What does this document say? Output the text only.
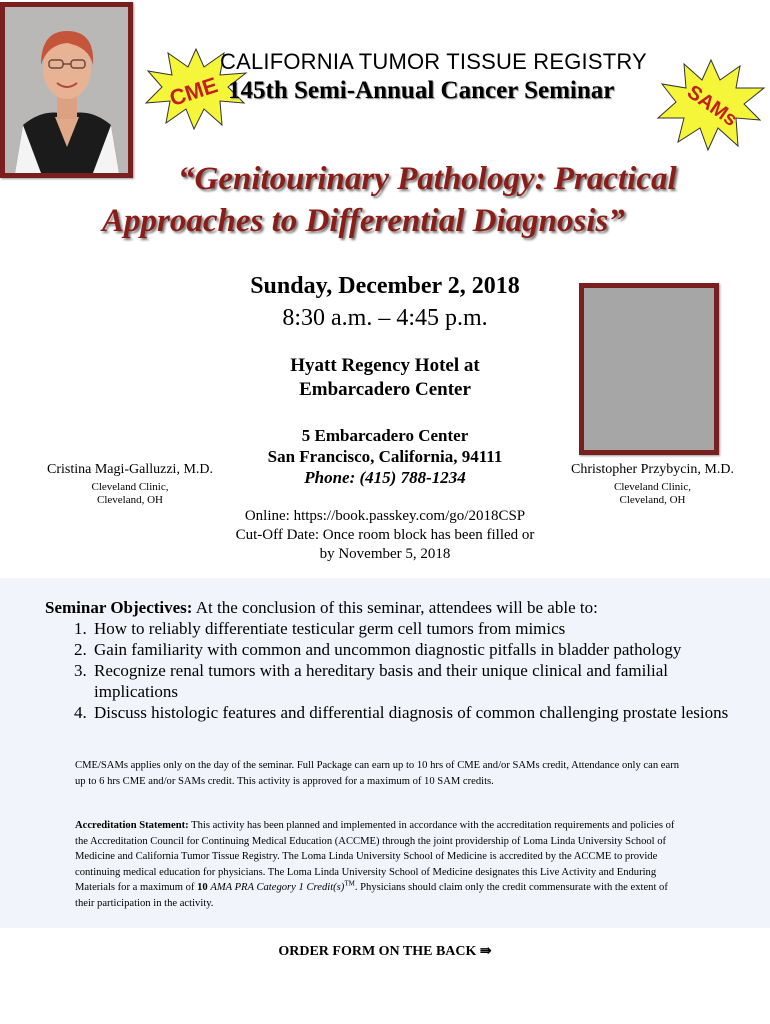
CME	SAMs
CALIFORNIA TUMOR TISSUE REGISTRY
145th Semi-Annual Cancer Seminar
“Genitourinary Pathology: Practical
Approaches to Differential Diagnosis”
Sunday, December 2, 2018
8:30 a.m. – 4:45 p.m.
Hyatt Regency Hotel at
Embarcadero Center
5 Embarcadero Center
San Francisco, California, 94111
Phone: (415) 788-1234
Online: https://book.passkey.com/go/2018CSP
Cut-Off Date: Once room block has been filled or
by November 5, 2018
Cristina Magi-Galluzzi, M.D.
Cleveland Clinic,
Cleveland, OH
Christopher Przybycin, M.D.
Cleveland Clinic,
Cleveland, OH

Seminar Objectives: At the conclusion of this seminar, attendees will be able to:

1. How to reliably differentiate testicular germ cell tumors from mimics
2. Gain familiarity with common and uncommon diagnostic pitfalls in bladder pathology
3. Recognize renal tumors with a hereditary basis and their unique clinical and familial implications
4. Discuss histologic features and differential diagnosis of common challenging prostate lesions
CME/SAMs applies only on the day of the seminar. Full Package can earn up to 10 hrs of CME and/or SAMs credit, Attendance only can earn up to 6 hrs CME and/or SAMs credit. This activity is approved for a maximum of 10 SAM credits.
Accreditation Statement: This activity has been planned and implemented in accordance with the accreditation requirements and policies of the Accreditation Council for Continuing Medical Education (ACCME) through the joint providership of Loma Linda University School of Medicine and California Tumor Tissue Registry. The Loma Linda University School of Medicine is accredited by the ACCME to provide continuing medical education for physicians. The Loma Linda University School of Medicine designates this Live Activity and Enduring Materials for a maximum of 10 AMA PRA Category 1 Credit(s)™. Physicians should claim only the credit commensurate with the extent of their participation in the activity.
ORDER FORM ON THE BACK ⇛
